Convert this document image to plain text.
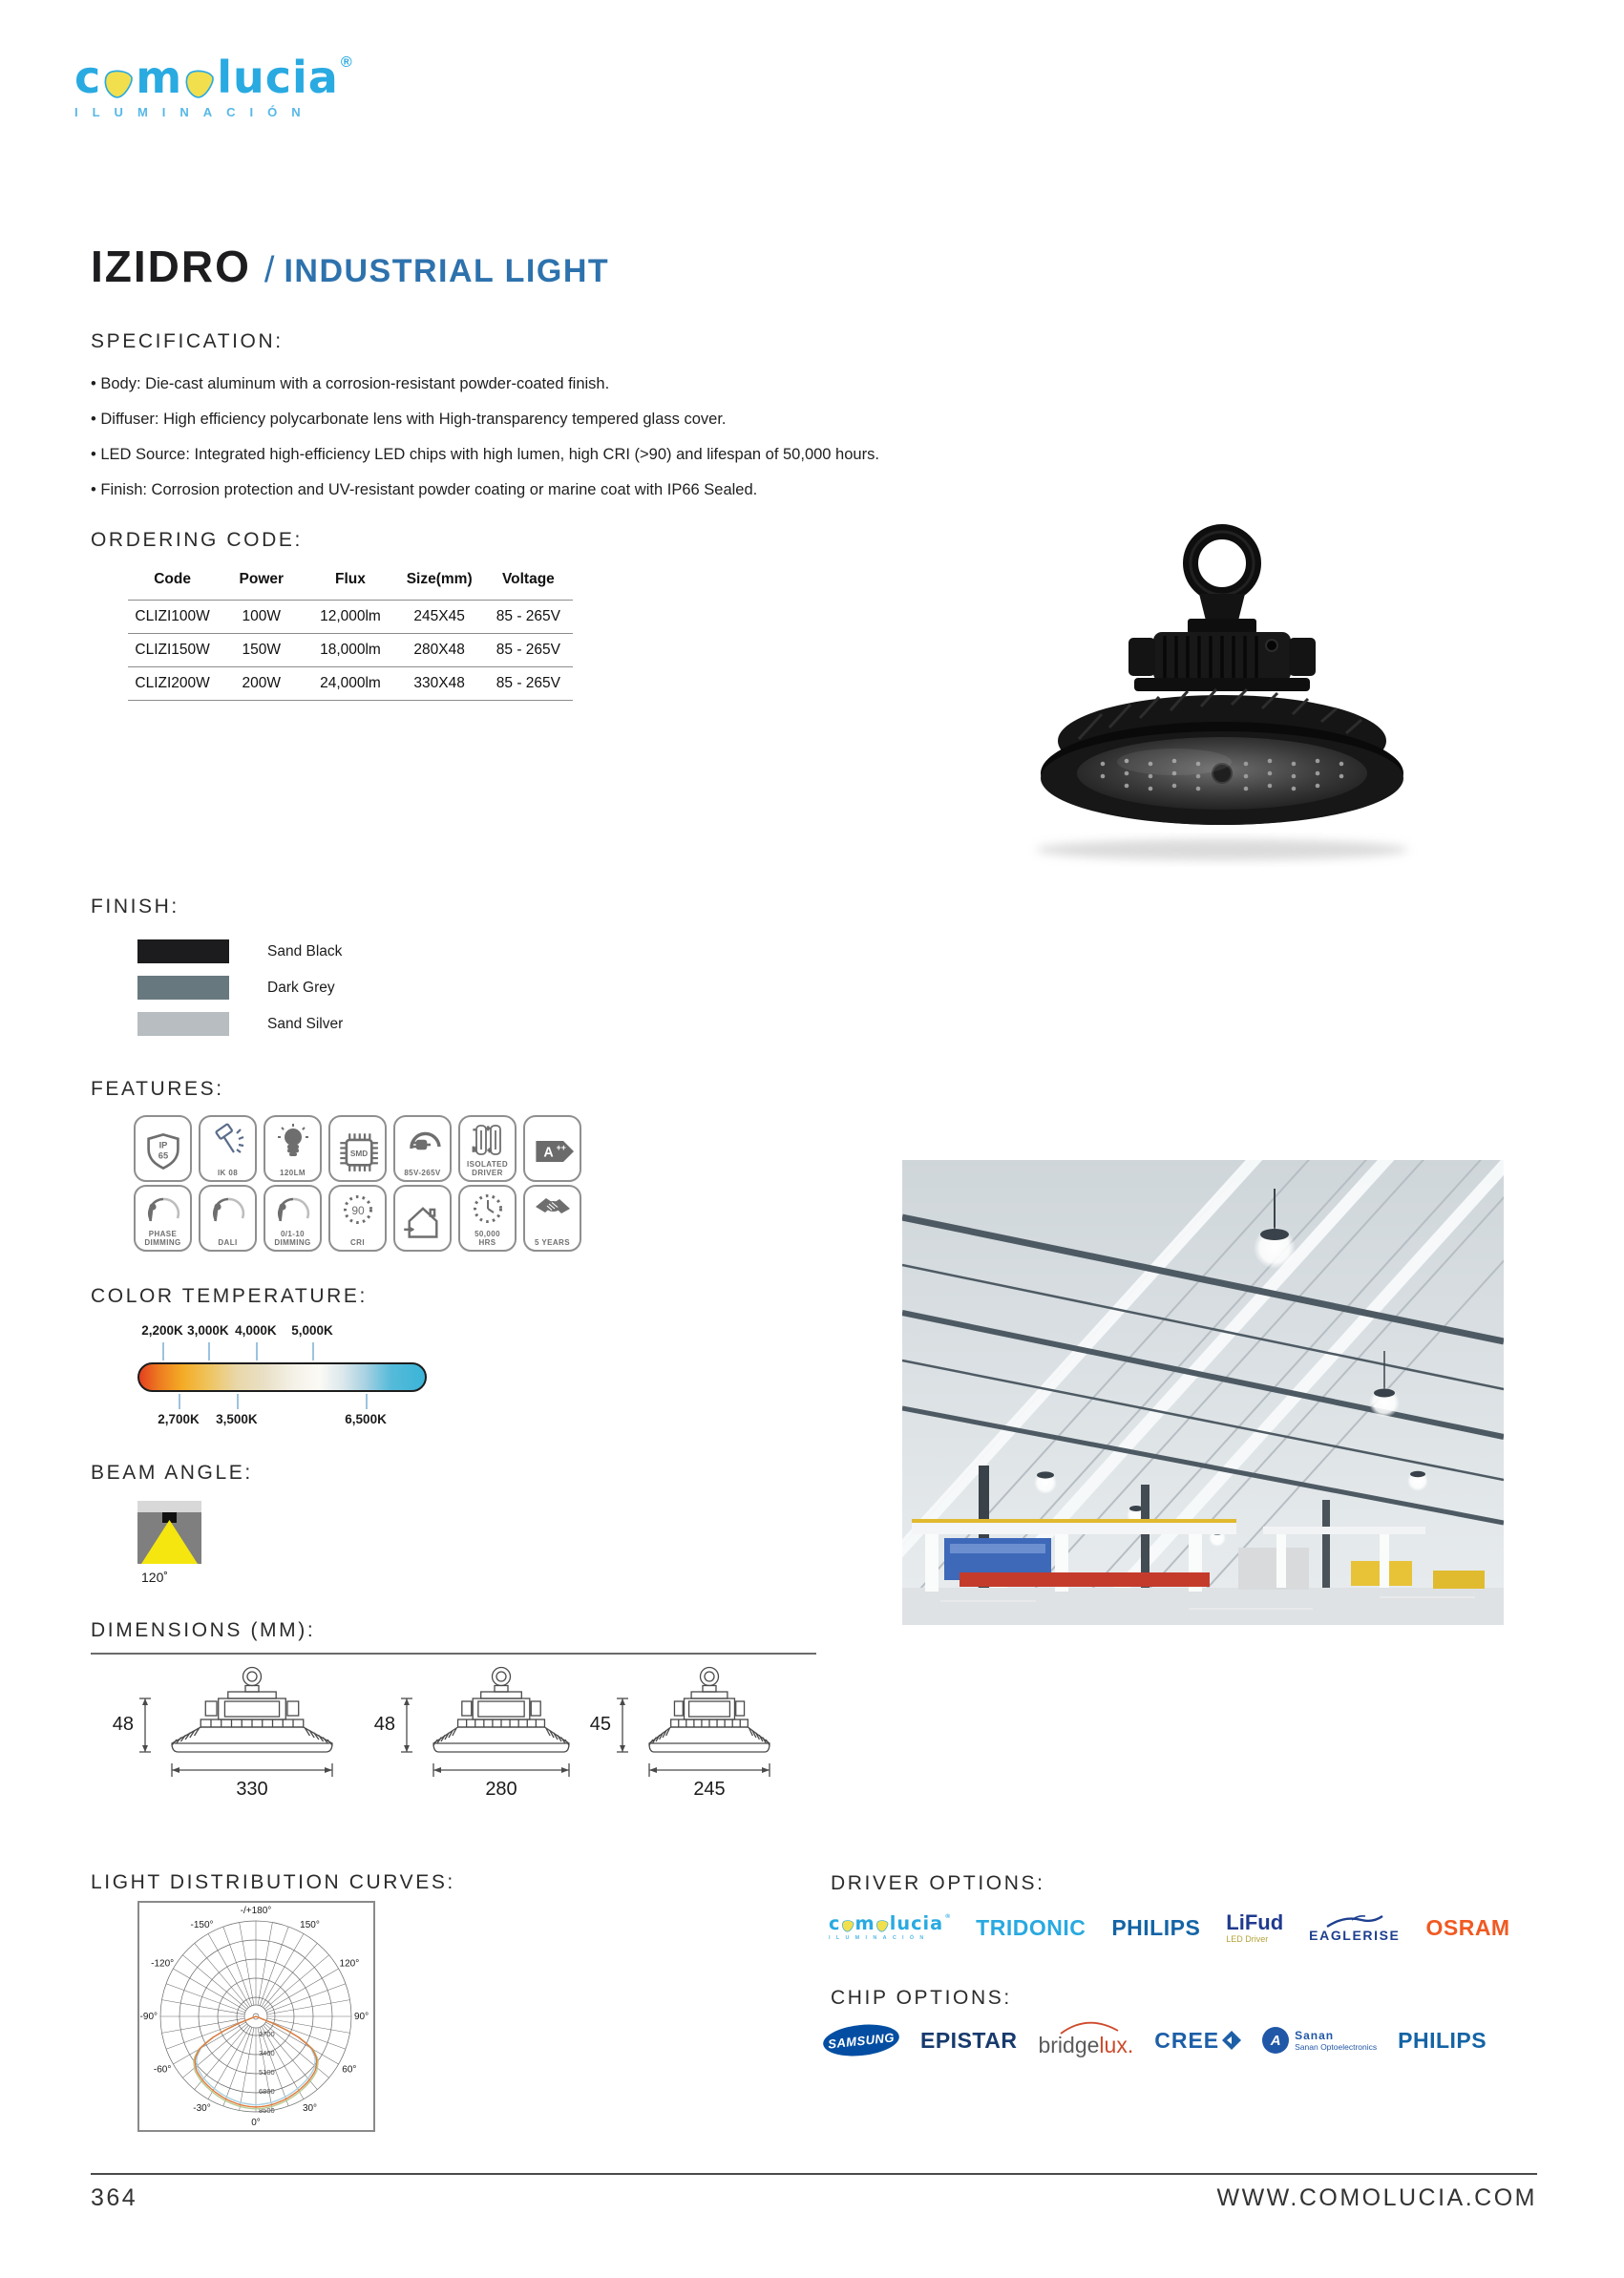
c m lucia ®
ILUMINACIÓN
IZIDRO / INDUSTRIAL LIGHT
SPECIFICATION:
• Body: Die-cast aluminum with a corrosion-resistant powder-coated finish.
• Diffuser: High efficiency polycarbonate lens with High-transparency tempered glass cover.
• LED Source: Integrated high-efficiency LED chips with high lumen, high CRI (>90) and lifespan of 50,000 hours.
• Finish: Corrosion protection and UV-resistant powder coating or marine coat with IP66 Sealed.
ORDERING CODE:
Code	Power	Flux	Size(mm)	Voltage
CLIZI100W	100W	12,000lm	245X45	85 - 265V
CLIZI150W	150W	18,000lm	280X48	85 - 265V
CLIZI200W	200W	24,000lm	330X48	85 - 265V
FINISH:
FEATURES:
IP
65
IK 08	120LM
SMD
85V-265V
- +
+
N
ISOLATED
DRIVER
A ++
PHASE
DIMMING	DALI
0/1-10
DIMMING
90
CRI
50,000
HRS	5 YEARS
COLOR TEMPERATURE:
2,200K 3,000K 4,000K 5,000K
2,700K 3,500K	6,500K
BEAM ANGLE:
120˚
DIMENSIONS (MM):
48
330
48
280
45
245
LIGHT DISTRIBUTION CURVES:
-/+180°
-150°	150°
-120°	120°
-90°	90°
-60°	60°
-30°	30°
0°
1700
3400
5100
6800
8500
DRIVER OPTIONS:
c m lucia ®
ILUMINACIÓN	TRIDONIC PHILIPS LiFud
LED Driver	EAGLERISE OSRAM
CHIP OPTIONS:
SAMSUNG EPISTAR bridgelux. CREE	A	Sanan
Sanan Optoelectronics PHILIPS
364	WWW.COMOLUCIA.COM
Sand Black
Dark Grey
Sand Silver
